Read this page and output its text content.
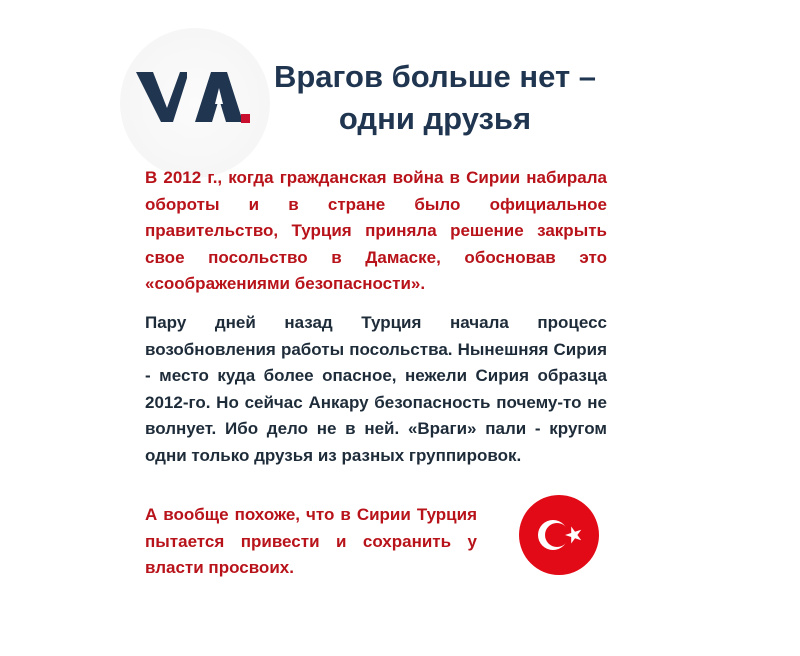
Врагов больше нет –
одни друзья
В 2012 г., когда гражданская война в Сирии набирала обороты и в стране было официальное правительство, Турция приняла решение закрыть свое посольство в Дамаске, обосновав это «соображениями безопасности».
Пару дней назад Турция начала процесс возобновления работы посольства. Нынешняя Сирия - место куда более опасное, нежели Сирия образца 2012-го. Но сейчас Анкару безопасность почему-то не волнует. Ибо дело не в ней. «Враги» пали - кругом одни только друзья из разных группировок.
А вообще похоже, что в Сирии Турция пытается привести и сохранить у власти просвоих.
